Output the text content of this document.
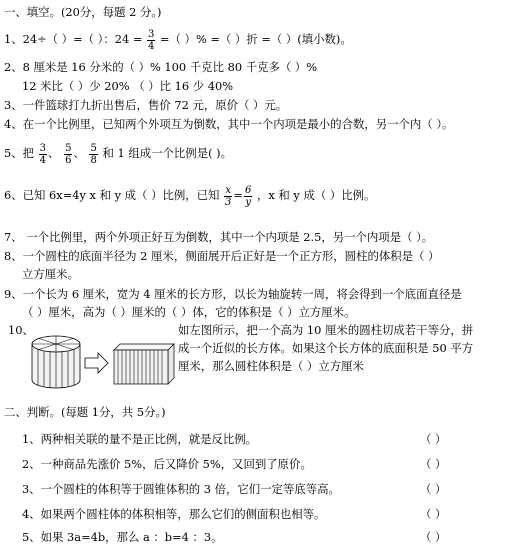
一、填空。(20分，每题 2 分。)
1、24÷（ ）=（ ）：$24 = \frac{3}{4}$ =（ ）% =（ ）折 =（ ）(填小数)。
2、8 厘米是 16 分米的（ ）% 100 千克比 80 千克多（ ）%
12 米比（ ）少 20% （ ）比 16 少 40%
3、一件篮球打九折出售后，售价 72 元，原价（ ）元。
4、在一个比例里，已知两个外项互为倒数，其中一个内项是最小的合数，另一个内（ ）。
5、把 $\frac{3}{4}$ 、 $\frac{5}{6}$ 、 $\frac{5}{8}$ 和 1 组成一个比例是( )。
6、已知 6x=4y x 和 y 成（ ）比例，已知 $\frac{x}{3} = \frac{6}{y}$ ，x 和 y 成（ ）比例。
7、 一个比例里，两个外项正好互为倒数，其中一个内项是 2.5，另一个内项是（ ）。
8、一个圆柱的底面半径为 2 厘米，侧面展开后正好是一个正方形，圆柱的体积是（ ）
立方厘米。
9、一个长为 6 厘米，宽为 4 厘米的长方形，以长为轴旋转一周，将会得到一个底面直径是
（ ）厘米，高为（ ）厘米的（ ）体，它的体积是（ ）立方厘米。
10、	如左图所示，把一个高为 10 厘米的圆柱切成若干等分，拼
成一个近似的长方体。如果这个长方体的底面积是 50 平方
厘米，那么圆柱体积是（ ）立方厘米
二、判断。(每题 1分，共 5分。)
1、两种相关联的量不是正比例，就是反比例。	（ ）
2、一种商品先涨价 5%，后又降价 5%，又回到了原价。	（ ）
3、一个圆柱的体积等于圆锥体积的 3 倍，它们一定等底等高。	（ ）
4、如果两个圆柱体的体积相等，那么它们的侧面积也相等。	（ ）
5、如果 3a=4b，那么 a ：b=4 ：3。	（ ）
